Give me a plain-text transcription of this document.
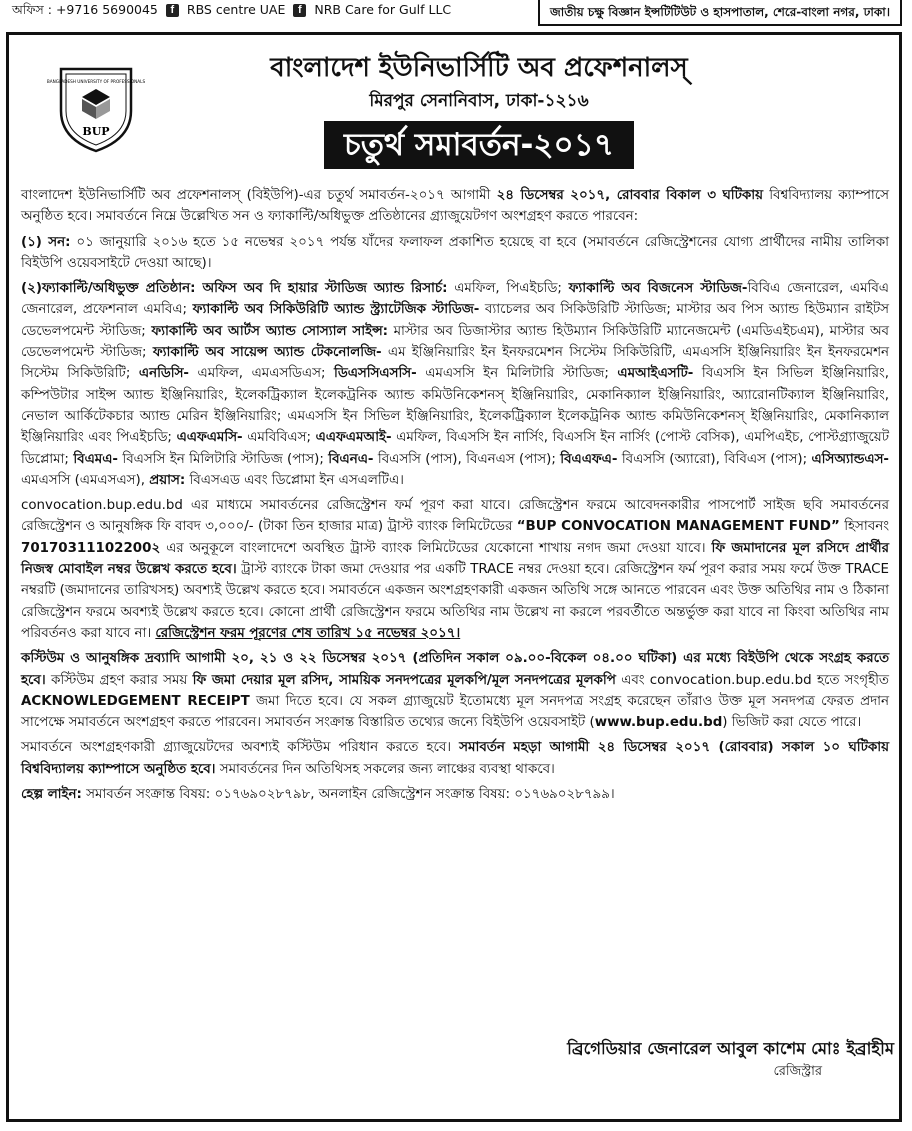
অফিস : +9716 5690045	f	RBS centre UAE	f	NRB Care for Gulf LLC	জাতীয় চক্ষু বিজ্ঞান ইন্সটিটিউট ও হাসপাতাল, শেরে-বাংলা নগর, ঢাকা।
BANGLADESH UNIVERSITY OF PROFESSIONALS
BUP
বাংলাদেশ ইউনিভার্সিটি অব প্রফেশনালস্
মিরপুর সেনানিবাস, ঢাকা-১২১৬
চতুর্থ সমাবর্তন-২০১৭

বাংলাদেশ ইউনিভার্সিটি অব প্রফেশনালস্ (বিইউপি)-এর চতুর্থ সমাবর্তন-২০১৭ আগামী ২৪ ডিসেম্বর ২০১৭, রোববার বিকাল ৩ ঘটিকায় বিশ্ববিদ্যালয় ক্যাম্পাসে অনুষ্ঠিত হবে। সমাবর্তনে নিম্নে উল্লেখিত সন ও ফ্যাকাল্টি/অধিভুক্ত প্রতিষ্ঠানের গ্র্যাজুয়েটগণ অংশগ্রহণ করতে পারবেন:

(১) সন: ০১ জানুয়ারি ২০১৬ হতে ১৫ নভেম্বর ২০১৭ পর্যন্ত যাঁদের ফলাফল প্রকাশিত হয়েছে বা হবে (সমাবর্তনে রেজিস্ট্রেশনের যোগ্য প্রার্থীদের নামীয় তালিকা বিইউপি ওয়েবসাইটে দেওয়া আছে)।

(২)ফ্যাকাল্টি/অধিভুক্ত প্রতিষ্ঠান: অফিস অব দি হায়ার স্টাডিজ অ্যান্ড রিসার্চ: এমফিল, পিএইচডি; ফ্যাকাল্টি অব বিজনেস স্টাডিজ-বিবিএ জেনারেল, এমবিএ জেনারেল, প্রফেশনাল এমবিএ; ফ্যাকাল্টি অব সিকিউরিটি অ্যান্ড স্ট্র্যাটেজিক স্টাডিজ- ব্যাচেলর অব সিকিউরিটি স্টাডিজ; মাস্টার অব পিস অ্যান্ড হিউম্যান রাইটস ডেভেলপমেন্ট স্টাডিজ; ফ্যাকাল্টি অব আর্টস অ্যান্ড সোস্যাল সাইন্স: মাস্টার অব ডিজাস্টার অ্যান্ড হিউম্যান সিকিউরিটি ম্যানেজমেন্ট (এমডিএইচএম), মাস্টার অব ডেভেলপমেন্ট স্টাডিজ; ফ্যাকাল্টি অব সায়েন্স অ্যান্ড টেকনোলজি- এম ইঞ্জিনিয়ারিং ইন ইনফরমেশন সিস্টেম সিকিউরিটি, এমএসসি ইঞ্জিনিয়ারিং ইন ইনফরমেশন সিস্টেম সিকিউরিটি; এনডিসি- এমফিল, এমএসডিএস; ডিএসসিএসসি- এমএসসি ইন মিলিটারি স্টাডিজ; এমআইএসটি- বিএসসি ইন সিভিল ইঞ্জিনিয়ারিং, কম্পিউটার সাইন্স অ্যান্ড ইঞ্জিনিয়ারিং, ইলেকট্রিক্যাল ইলেকট্রনিক অ্যান্ড কমিউনিকেশনস্ ইঞ্জিনিয়ারিং, মেকানিক্যাল ইঞ্জিনিয়ারিং, অ্যারোনটিক্যাল ইঞ্জিনিয়ারিং, নেভাল আর্কিটেকচার অ্যান্ড মেরিন ইঞ্জিনিয়ারিং; এমএসসি ইন সিভিল ইঞ্জিনিয়ারিং, ইলেকট্রিক্যাল ইলেকট্রনিক অ্যান্ড কমিউনিকেশনস্ ইঞ্জিনিয়ারিং, মেকানিক্যাল ইঞ্জিনিয়ারিং এবং পিএইচডি; এএফএমসি- এমবিবিএস; এএফএমআই- এমফিল, বিএসসি ইন নার্সিং, বিএসসি ইন নার্সিং (পোস্ট বেসিক), এমপিএইচ, পোস্টগ্র্যাজুয়েট ডিপ্লোমা; বিএমএ- বিএসসি ইন মিলিটারি স্টাডিজ (পাস); বিএনএ- বিএসসি (পাস), বিএনএস (পাস); বিএএফএ- বিএসসি (অ্যারো), বিবিএস (পাস); এসিঅ্যান্ডএস- এমএসসি (এমএসএস), প্রয়াস: বিএসএড এবং ডিপ্লোমা ইন এসএলটিএ।

convocation.bup.edu.bd এর মাধ্যমে সমাবর্তনের রেজিস্ট্রেশন ফর্ম পূরণ করা যাবে। রেজিস্ট্রেশন ফরমে আবেদনকারীর পাসপোর্ট সাইজ ছবি সমাবর্তনের রেজিস্ট্রেশন ও আনুষঙ্গিক ফি বাবদ ৩,০০০/- (টাকা তিন হাজার মাত্র) ট্রাস্ট ব্যাংক লিমিটেডের “BUP CONVOCATION MANAGEMENT FUND” হিসাবনং 70170311102200২ এর অনুকূলে বাংলাদেশে অবস্থিত ট্রাস্ট ব্যাংক লিমিটেডের যেকোনো শাখায় নগদ জমা দেওয়া যাবে। ফি জমাদানের মূল রসিদে প্রার্থীর নিজস্ব মোবাইল নম্বর উল্লেখ করতে হবে। ট্রাস্ট ব্যাংকে টাকা জমা দেওয়ার পর একটি TRACE নম্বর দেওয়া হবে। রেজিস্ট্রেশন ফর্ম পূরণ করার সময় ফর্মে উক্ত TRACE নম্বরটি (জমাদানের তারিখসহ) অবশ্যই উল্লেখ করতে হবে। সমাবর্তনে একজন অংশগ্রহণকারী একজন অতিথি সঙ্গে আনতে পারবেন এবং উক্ত অতিথির নাম ও ঠিকানা রেজিস্ট্রেশন ফরমে অবশ্যই উল্লেখ করতে হবে। কোনো প্রার্থী রেজিস্ট্রেশন ফরমে অতিথির নাম উল্লেখ না করলে পরবর্তীতে অন্তর্ভুক্ত করা যাবে না কিংবা অতিথির নাম পরিবর্তনও করা যাবে না। রেজিস্ট্রেশন ফরম পূরণের শেষ তারিখ ১৫ নভেম্বর ২০১৭।

কস্টিউম ও আনুষঙ্গিক দ্রব্যাদি আগামী ২০, ২১ ও ২২ ডিসেম্বর ২০১৭ (প্রতিদিন সকাল ০৯.০০-বিকেল ০৪.০০ ঘটিকা) এর মধ্যে বিইউপি থেকে সংগ্রহ করতে হবে। কস্টিউম গ্রহণ করার সময় ফি জমা দেয়ার মূল রসিদ, সাময়িক সনদপত্রের মূলকপি/মূল সনদপত্রের মূলকপি এবং convocation.bup.edu.bd হতে সংগৃহীত ACKNOWLEDGEMENT RECEIPT জমা দিতে হবে। যে সকল গ্র্যাজুয়েট ইতোমধ্যে মূল সনদপত্র সংগ্রহ করেছেন তাঁরাও উক্ত মূল সনদপত্র ফেরত প্রদান সাপেক্ষে সমাবর্তনে অংশগ্রহণ করতে পারবেন। সমাবর্তন সংক্রান্ত বিস্তারিত তথ্যের জন্যে বিইউপি ওয়েবসাইট (www.bup.edu.bd) ভিজিট করা যেতে পারে।

সমাবর্তনে অংশগ্রহণকারী গ্র্যাজুয়েটদের অবশ্যই কস্টিউম পরিধান করতে হবে। সমাবর্তন মহড়া আগামী ২৪ ডিসেম্বর ২০১৭ (রোববার) সকাল ১০ ঘটিকায় বিশ্ববিদ্যালয় ক্যাম্পাসে অনুষ্ঠিত হবে। সমাবর্তনের দিন অতিথিসহ সকলের জন্য লাঞ্চের ব্যবস্থা থাকবে।

হেল্প লাইন: সমাবর্তন সংক্রান্ত বিষয়: ০১৭৬৯০২৮৭৯৮, অনলাইন রেজিস্ট্রেশন সংক্রান্ত বিষয়: ০১৭৬৯০২৮৭৯৯।

ব্রিগেডিয়ার জেনারেল আবুল কাশেম মোঃ ইব্রাহীম
রেজিস্ট্রার
